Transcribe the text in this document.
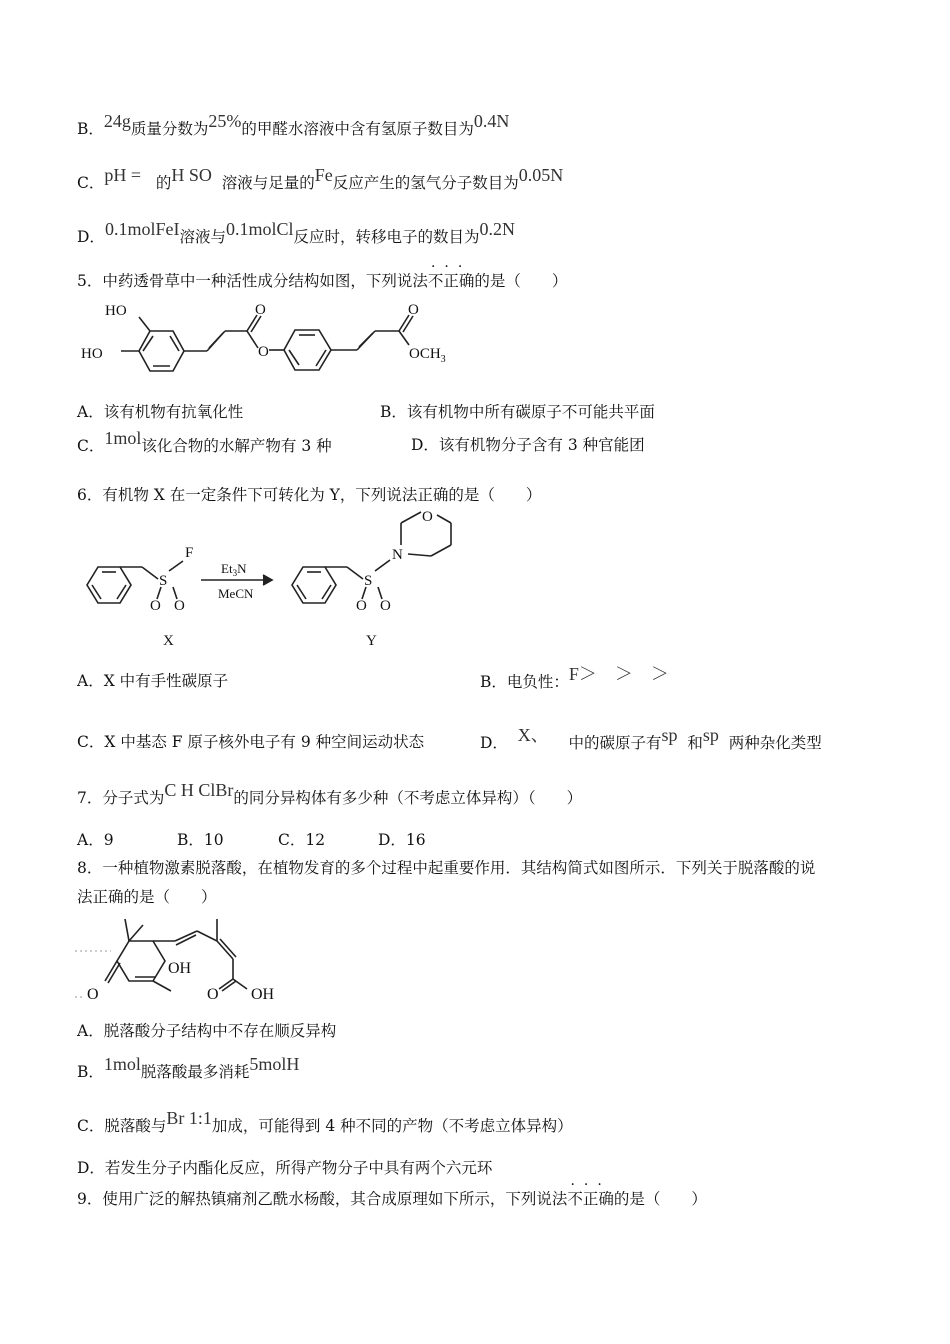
B．24g质量分数为25%的甲醛水溶液中含有氢原子数目为0.4N
C．pH = 的H SO 溶液与足量的Fe反应产生的氢气分子数目为0.05N
D．0.1molFeI溶液与0.1molCl反应时，转移电子的数目为0.2N
5．中药透骨草中一种活性成分结构如图，下列说法
···
不正确的是（　　）
HO
HO
O
O
O
$OCH_3$
A．该有机物有抗氧化性	B．该有机物中所有碳原子不可能共平面
C．1mol该化合物的水解产物有 3 种	D．该有机物分子含有 3 种官能团
6．有机物 X 在一定条件下可转化为 Y，下列说法正确的是（　　）
F
S
O O
$Et_3N$
MeCN
S
O O
N
O
X	Y
A．X 中有手性碳原子	B．电负性：F＞　＞　＞
C．X 中基态 F 原子核外电子有 9 种空间运动状态	D． X、 中的碳原子有sp 和sp 两种杂化类型
7．分子式为C H ClBr的同分异构体有多少种（不考虑立体异构）（　　）
A．9	B．10	C．12	D．16
8．一种植物激素脱落酸，在植物发育的多个过程中起重要作用．其结构简式如图所示．下列关于脱落酸的说
法正确的是（　　）
O
OH
O OH
A．脱落酸分子结构中不存在顺反异构
B．1mol脱落酸最多消耗5molH
C．脱落酸与Br 1:1加成，可能得到 4 种不同的产物（不考虑立体异构）
D．若发生分子内酯化反应，所得产物分子中具有两个六元环
9．使用广泛的解热镇痛剂乙酰水杨酸，其合成原理如下所示，下列说法
···
不正确的是（　　）
